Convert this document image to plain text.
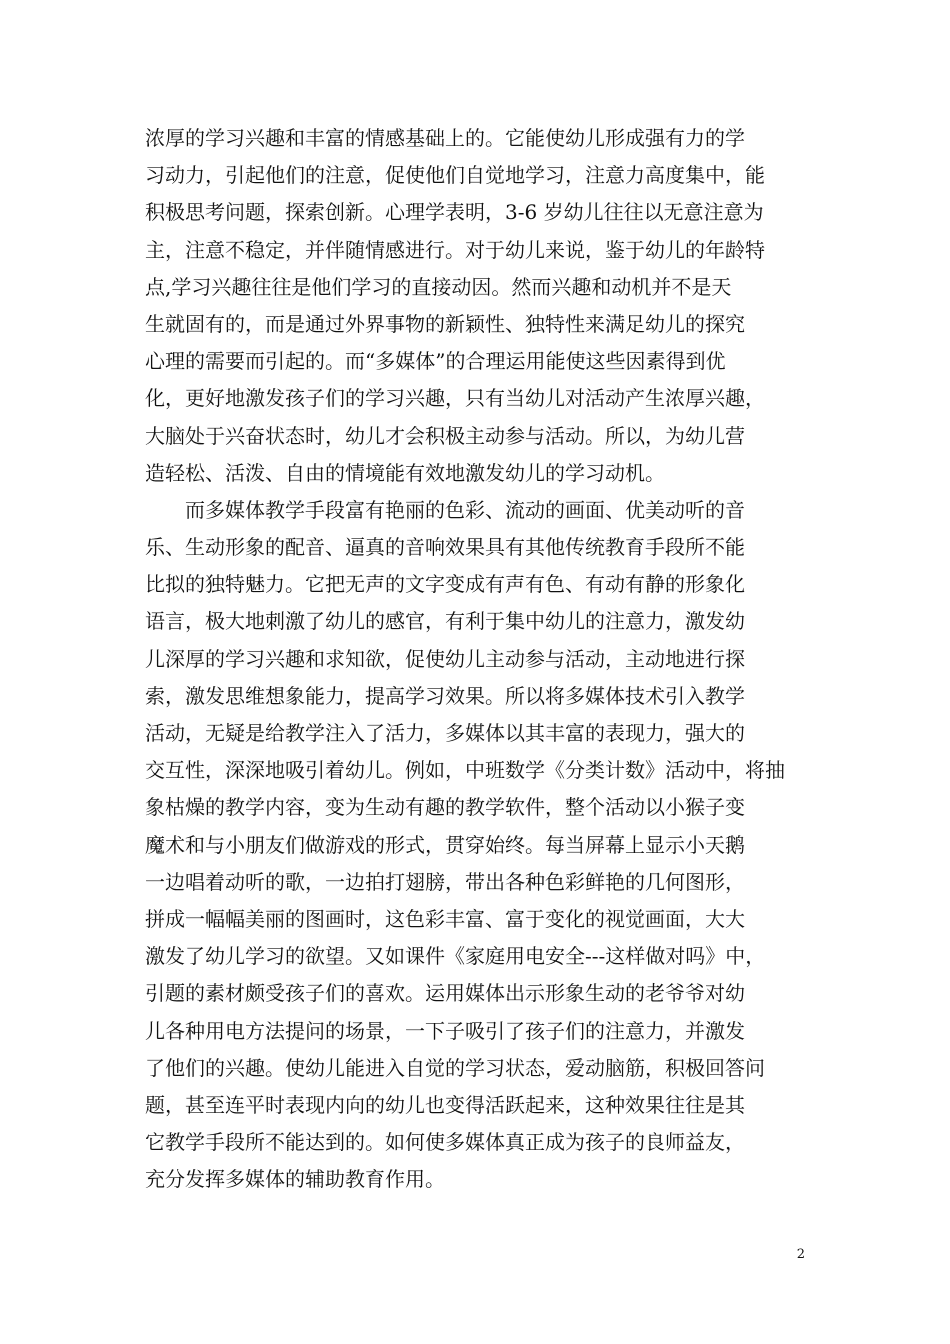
浓厚的学习兴趣和丰富的情感基础上的。它能使幼儿形成强有力的学
习动力，引起他们的注意，促使他们自觉地学习，注意力高度集中，能
积极思考问题，探索创新。心理学表明，3-6 岁幼儿往往以无意注意为
主，注意不稳定，并伴随情感进行。对于幼儿来说，鉴于幼儿的年龄特
点,学习兴趣往往是他们学习的直接动因。然而兴趣和动机并不是天
生就固有的，而是通过外界事物的新颖性、独特性来满足幼儿的探究
心理的需要而引起的。而“多媒体”的合理运用能使这些因素得到优
化，更好地激发孩子们的学习兴趣，只有当幼儿对活动产生浓厚兴趣，
大脑处于兴奋状态时，幼儿才会积极主动参与活动。所以，为幼儿营
造轻松、活泼、自由的情境能有效地激发幼儿的学习动机。
　　而多媒体教学手段富有艳丽的色彩、流动的画面、优美动听的音
乐、生动形象的配音、逼真的音响效果具有其他传统教育手段所不能
比拟的独特魅力。它把无声的文字变成有声有色、有动有静的形象化
语言，极大地刺激了幼儿的感官，有利于集中幼儿的注意力，激发幼
儿深厚的学习兴趣和求知欲，促使幼儿主动参与活动，主动地进行探
索，激发思维想象能力，提高学习效果。所以将多媒体技术引入教学
活动，无疑是给教学注入了活力，多媒体以其丰富的表现力，强大的
交互性，深深地吸引着幼儿。例如，中班数学《分类计数》活动中，将抽
象枯燥的教学内容，变为生动有趣的教学软件，整个活动以小猴子变
魔术和与小朋友们做游戏的形式，贯穿始终。每当屏幕上显示小天鹅
一边唱着动听的歌，一边拍打翅膀，带出各种色彩鲜艳的几何图形，
拼成一幅幅美丽的图画时，这色彩丰富、富于变化的视觉画面，大大
激发了幼儿学习的欲望。又如课件《家庭用电安全---这样做对吗》中，
引题的素材颇受孩子们的喜欢。运用媒体出示形象生动的老爷爷对幼
儿各种用电方法提问的场景，一下子吸引了孩子们的注意力，并激发
了他们的兴趣。使幼儿能进入自觉的学习状态，爱动脑筋，积极回答问
题，甚至连平时表现内向的幼儿也变得活跃起来，这种效果往往是其
它教学手段所不能达到的。如何使多媒体真正成为孩子的良师益友，
充分发挥多媒体的辅助教育作用。
2
